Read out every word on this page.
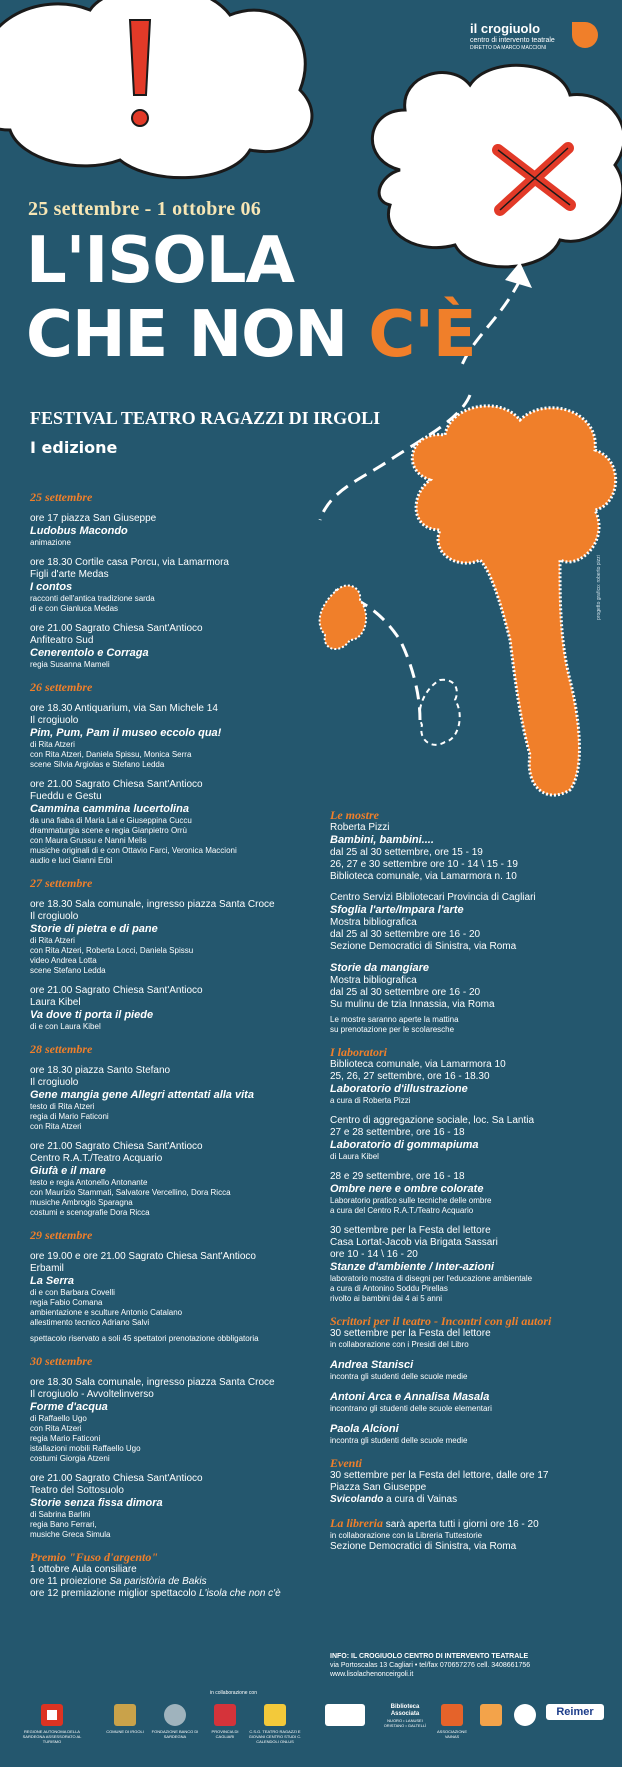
il crogiuolo
centro di intervento teatrale
DIRETTO DA MARCO MACCIONI
25 settembre - 1 ottobre 06
L'ISOLA
CHE NON C'È
FESTIVAL TEATRO RAGAZZI DI IRGOLI
I edizione
progetto grafico: roberto pizzi
25 settembre
ore 17 piazza San Giuseppe
Ludobus Macondo
animazione
ore 18.30 Cortile casa Porcu, via Lamarmora
Figli d'arte Medas
I contos
racconti dell'antica tradizione sarda
di e con Gianluca Medas
ore 21.00 Sagrato Chiesa Sant'Antioco
Anfiteatro Sud
Cenerentolo e Corraga
regia Susanna Mameli
26 settembre
ore 18.30 Antiquarium, via San Michele 14
Il crogiuolo
Pim, Pum, Pam il museo eccolo qua!
di Rita Atzeri
con Rita Atzeri, Daniela Spissu, Monica Serra
scene Silvia Argiolas e Stefano Ledda
ore 21.00 Sagrato Chiesa Sant'Antioco
Fueddu e Gestu
Cammina cammina lucertolina
da una fiaba di Maria Lai e Giuseppina Cuccu
drammaturgia scene e regia Gianpietro Orrù
con Maura Grussu e Nanni Melis
musiche originali di e con Ottavio Farci, Veronica Maccioni
audio e luci Gianni Erbì
27 settembre
ore 18.30 Sala comunale, ingresso piazza Santa Croce
Il crogiuolo
Storie di pietra e di pane
di Rita Atzeri
con Rita Atzeri, Roberta Locci, Daniela Spissu
video Andrea Lotta
scene Stefano Ledda
ore 21.00 Sagrato Chiesa Sant'Antioco
Laura Kibel
Va dove ti porta il piede
di e con Laura Kibel
28 settembre
ore 18.30 piazza Santo Stefano
Il crogiuolo
Gene mangia gene Allegri attentati alla vita
testo di Rita Atzeri
regia di Mario Faticoni
con Rita Atzeri
ore 21.00 Sagrato Chiesa Sant'Antioco
Centro R.A.T./Teatro Acquario
Giufà e il mare
testo e regia Antonello Antonante
con Maurizio Stammati, Salvatore Vercellino, Dora Ricca
musiche Ambrogio Sparagna
costumi e scenografie Dora Ricca
29 settembre
ore 19.00 e ore 21.00 Sagrato Chiesa Sant'Antioco
Erbamil
La Serra
di e con Barbara Covelli
regia Fabio Comana
ambientazione e sculture Antonio Catalano
allestimento tecnico Adriano Salvi
spettacolo riservato a soli 45 spettatori prenotazione obbligatoria
30 settembre
ore 18.30 Sala comunale, ingresso piazza Santa Croce
Il crogiuolo - Avvoltelinverso
Forme d'acqua
di Raffaello Ugo
con Rita Atzeri
regia Mario Faticoni
istallazioni mobili Raffaello Ugo
costumi Giorgia Atzeni
ore 21.00 Sagrato Chiesa Sant'Antioco
Teatro del Sottosuolo
Storie senza fissa dimora
di Sabrina Barlini
regia Bano Ferrari,
musiche Greca Simula
Premio "Fuso d'argento"
1 ottobre Aula consiliare
ore 11 proiezione Sa paristòria de Bakis
ore 12 premiazione miglior spettacolo L'isola che non c'è
Le mostre
Roberta Pizzi
Bambini, bambini....
dal 25 al 30 settembre, ore 15 - 19
26, 27 e 30 settembre ore 10 - 14 \ 15 - 19
Biblioteca comunale, via Lamarmora n. 10
Centro Servizi Bibliotecari Provincia di Cagliari
Sfoglia l'arte/Impara l'arte
Mostra bibliografica
dal 25 al 30 settembre ore 16 - 20
Sezione Democratici di Sinistra, via Roma
Storie da mangiare
Mostra bibliografica
dal 25 al 30 settembre ore 16 - 20
Su mulinu de tzia Innassia, via Roma
Le mostre saranno aperte la mattina
su prenotazione per le scolaresche
I laboratori
Biblioteca comunale, via Lamarmora 10
25, 26, 27 settembre, ore 16 - 18.30
Laboratorio d'illustrazione
a cura di Roberta Pizzi
Centro di aggregazione sociale, loc. Sa Lantia
27 e 28 settembre, ore 16 - 18
Laboratorio di gommapiuma
di Laura Kibel
28 e 29 settembre, ore 16 - 18
Ombre nere e ombre colorate
Laboratorio pratico sulle tecniche delle ombre
a cura del Centro R.A.T./Teatro Acquario
30 settembre per la Festa del lettore
Casa Lortat-Jacob via Brigata Sassari
ore 10 - 14 \ 16 - 20
Stanze d'ambiente / Inter-azioni
laboratorio mostra di disegni per l'educazione ambientale
a cura di Antonino Soddu Pirellas
rivolto ai bambini dai 4 ai 5 anni
Scrittori per il teatro - Incontri con gli autori
30 settembre per la Festa del lettore
in collaborazione con i Presidi del Libro
Andrea Stanisci
incontra gli studenti delle scuole medie
Antoni Arca e Annalisa Masala
incontrano gli studenti delle scuole elementari
Paola Alcioni
incontra gli studenti delle scuole medie
Eventi
30 settembre per la Festa del lettore, dalle ore 17
Piazza San Giuseppe
Svicolando a cura di Vainas
La libreria sarà aperta tutti i giorni ore 16 - 20
in collaborazione con la Libreria Tuttestorie
Sezione Democratici di Sinistra, via Roma
INFO: IL CROGIUOLO CENTRO DI INTERVENTO TEATRALE
via Portoscalas 13 Cagliari • tel/fax 070657276 cell. 3408661756
www.lisolachenonceirgoli.it
in collaborazione con
REGIONE AUTONOMA DELLA SARDEGNA ASSESSORATO AL TURISMO
COMUNE DI IRGOLI	FONDAZIONE BANCO DI SARDEGNA
PROVINCIA DI CAGLIARI
C.S.G. TEATRO RAGAZZI E GIOVANI CENTRO STUDI C. CALENDOLI ONLUS
Biblioteca Associata
NUORO • LANUSEI ORISTANO • GALTELLÌ
ASSOCIAZIONE VAINAS
Reimer
